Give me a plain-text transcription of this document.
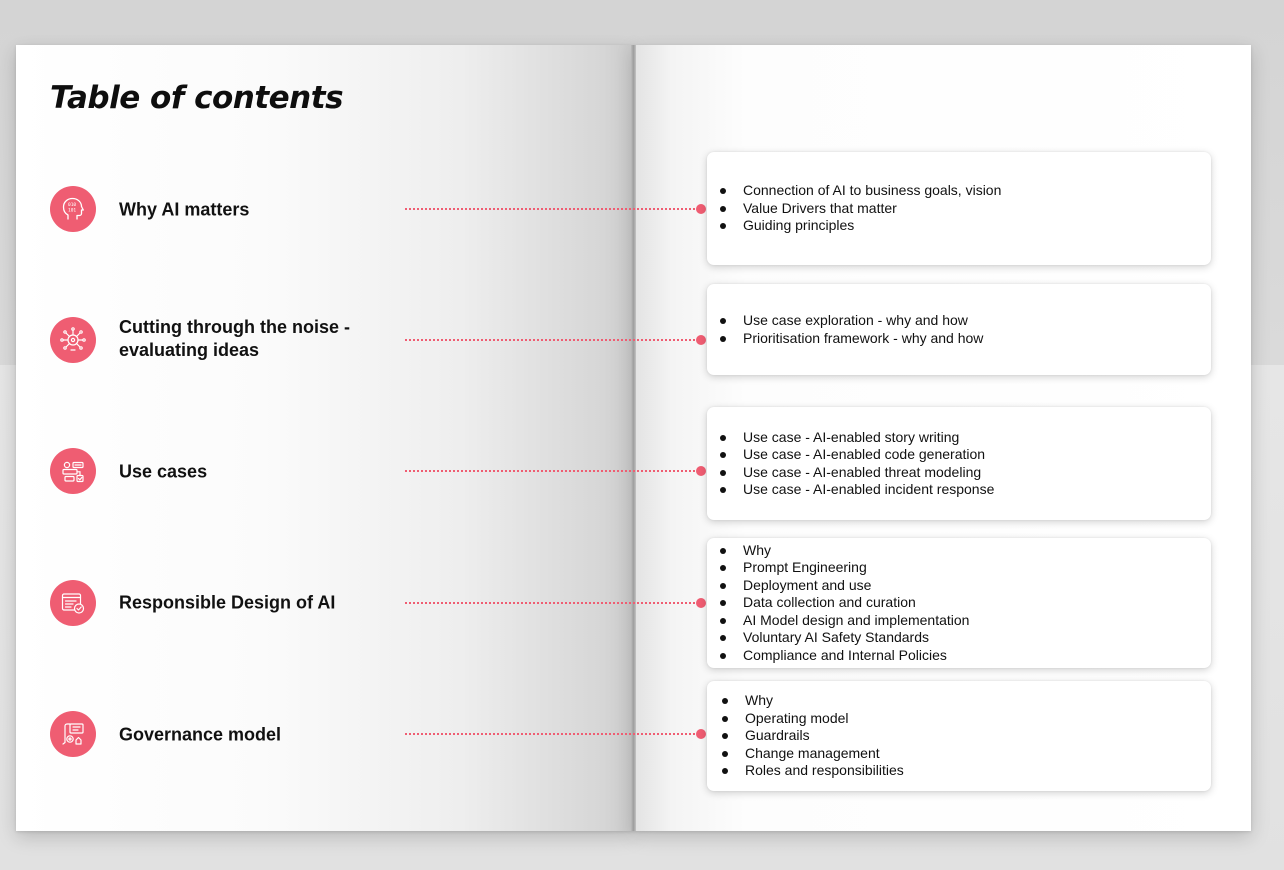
Table of contents
010
101 Why AI matters
Connection of AI to business goals, vision
Value Drivers that matter
Guiding principles
Cutting through the noise -
evaluating ideas
Use case exploration - why and how
Prioritisation framework - why and how
Use cases
Use case - AI-enabled story writing
Use case - AI-enabled code generation
Use case - AI-enabled threat modeling
Use case - AI-enabled incident response
Responsible Design of AI
Why
Prompt Engineering
Deployment and use
Data collection and curation
AI Model design and implementation
Voluntary AI Safety Standards
Compliance and Internal Policies
Governance model
Why
Operating model
Guardrails
Change management
Roles and responsibilities
